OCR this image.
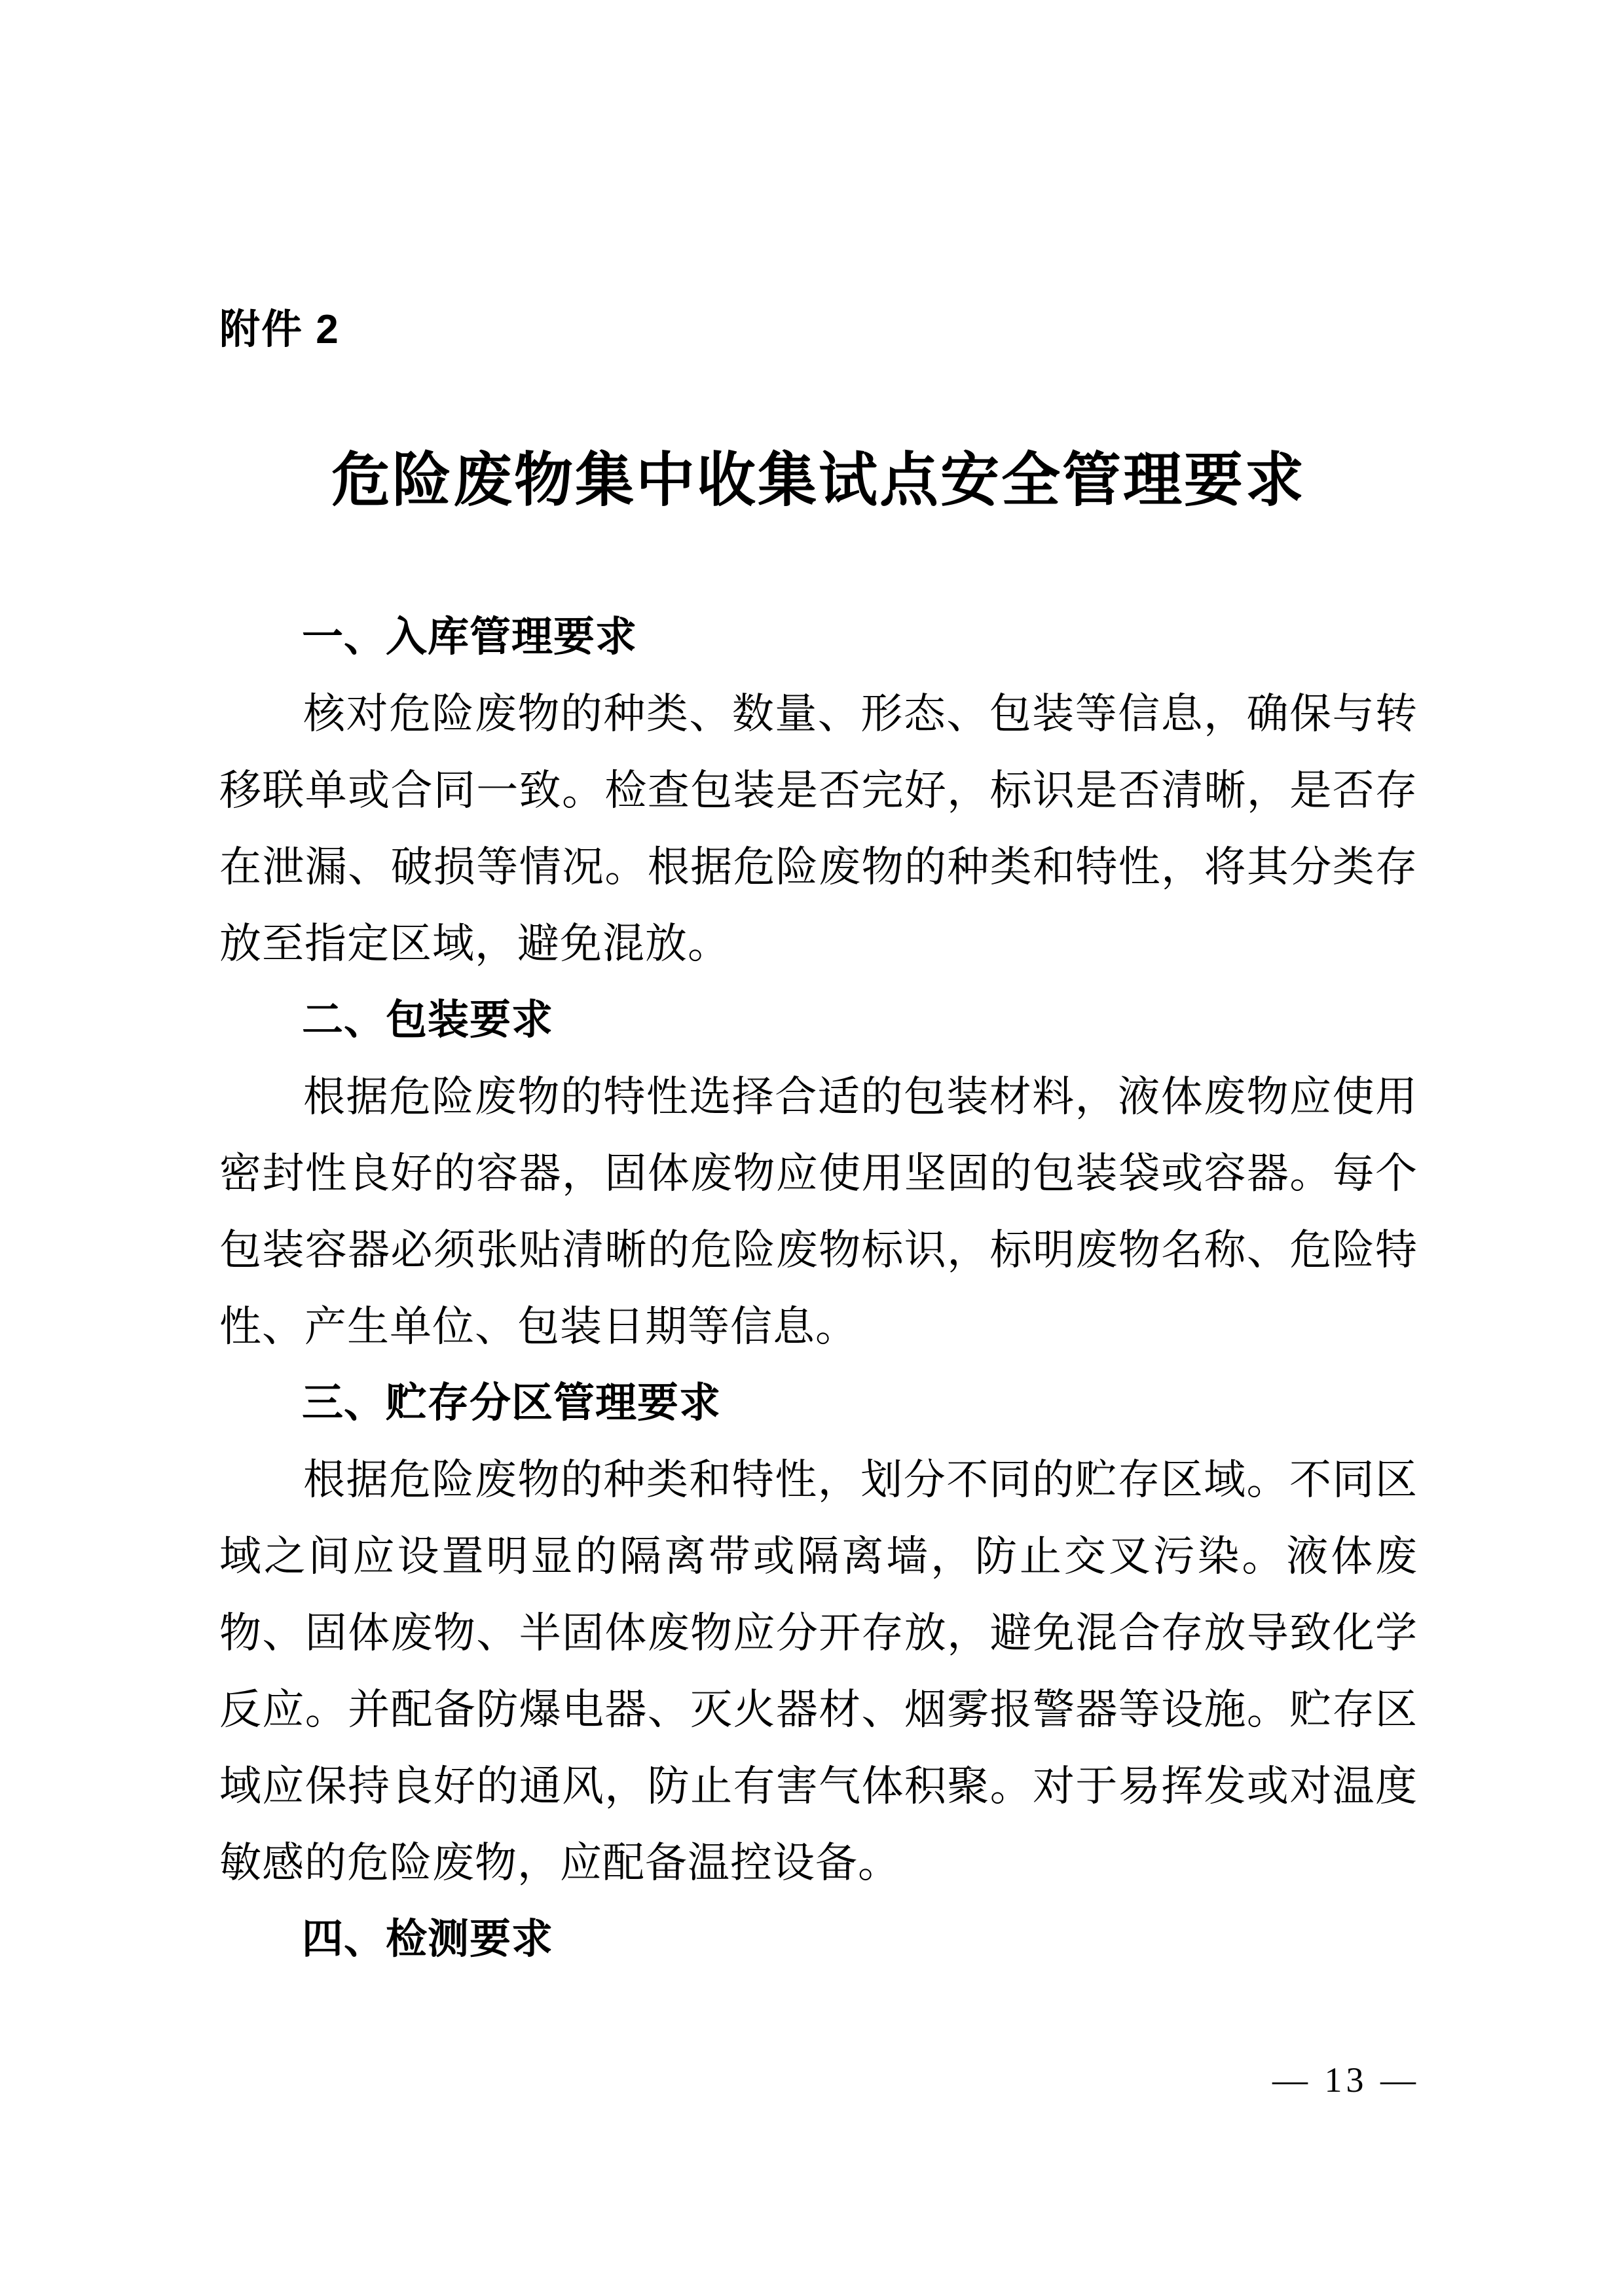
附件 2
危险废物集中收集试点安全管理要求
一、入库管理要求

核对危险废物的种类、数量、形态、包装等信息，确保与转移联单或合同一致。检查包装是否完好，标识是否清晰，是否存在泄漏、破损等情况。根据危险废物的种类和特性，将其分类存放至指定区域，避免混放。

二、包装要求

根据危险废物的特性选择合适的包装材料，液体废物应使用密封性良好的容器，固体废物应使用坚固的包装袋或容器。每个包装容器必须张贴清晰的危险废物标识，标明废物名称、危险特性、产生单位、包装日期等信息。

三、贮存分区管理要求

根据危险废物的种类和特性，划分不同的贮存区域。不同区域之间应设置明显的隔离带或隔离墙，防止交叉污染。液体废物、固体废物、半固体废物应分开存放，避免混合存放导致化学反应。并配备防爆电器、灭火器材、烟雾报警器等设施。贮存区域应保持良好的通风，防止有害气体积聚。对于易挥发或对温度敏感的危险废物，应配备温控设备。

四、检测要求
— 13 —
